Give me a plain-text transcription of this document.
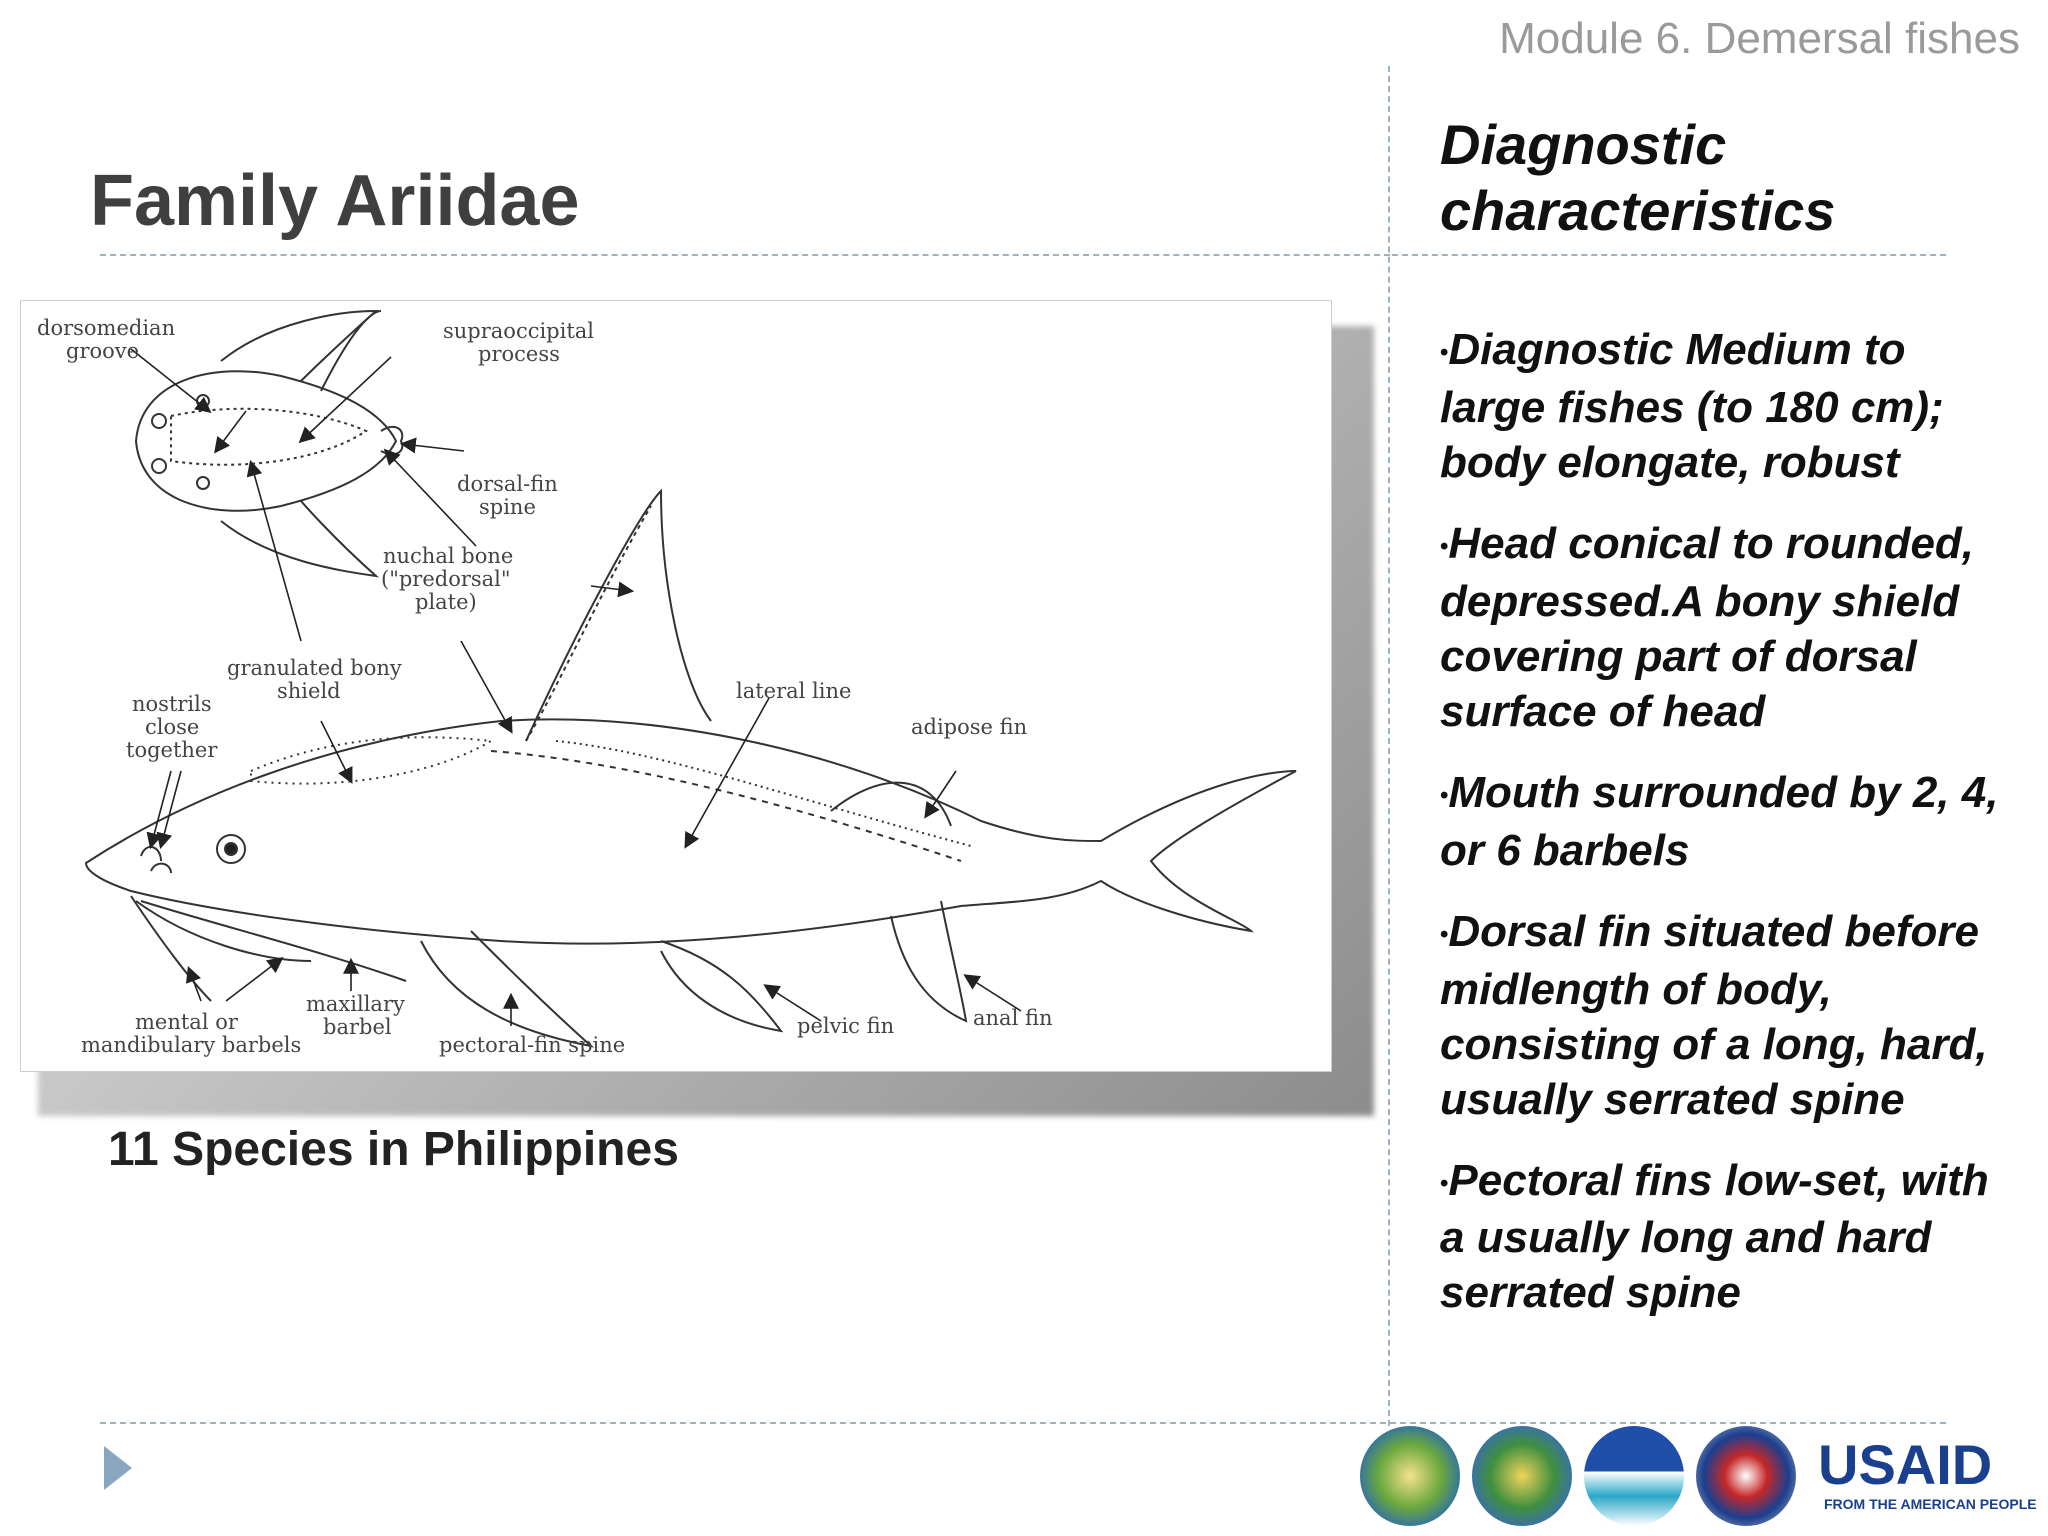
Module 6. Demersal fishes
Family Ariidae
Diagnostic
characteristics

•Diagnostic Medium to large fishes (to 180 cm); body elongate, robust

•Head conical to rounded, depressed.A bony shield covering part of dorsal surface of head

•Mouth surrounded by 2, 4, or 6 barbels

•Dorsal fin situated before midlength of body, consisting of a long, hard, usually serrated spine

•Pectoral fins low-set, with a usually long and hard serrated spine

dorsomedian
groove
supraoccipital
process
dorsal-fin
spine
nuchal bone
("predorsal"
plate)
granulated bony
shield
nostrils
close
together
lateral line
adipose fin
mental or
mandibulary barbels
maxillary
barbel
pectoral-fin spine
pelvic fin	anal fin
11 Species in Philippines
USAID
FROM THE AMERICAN PEOPLE
